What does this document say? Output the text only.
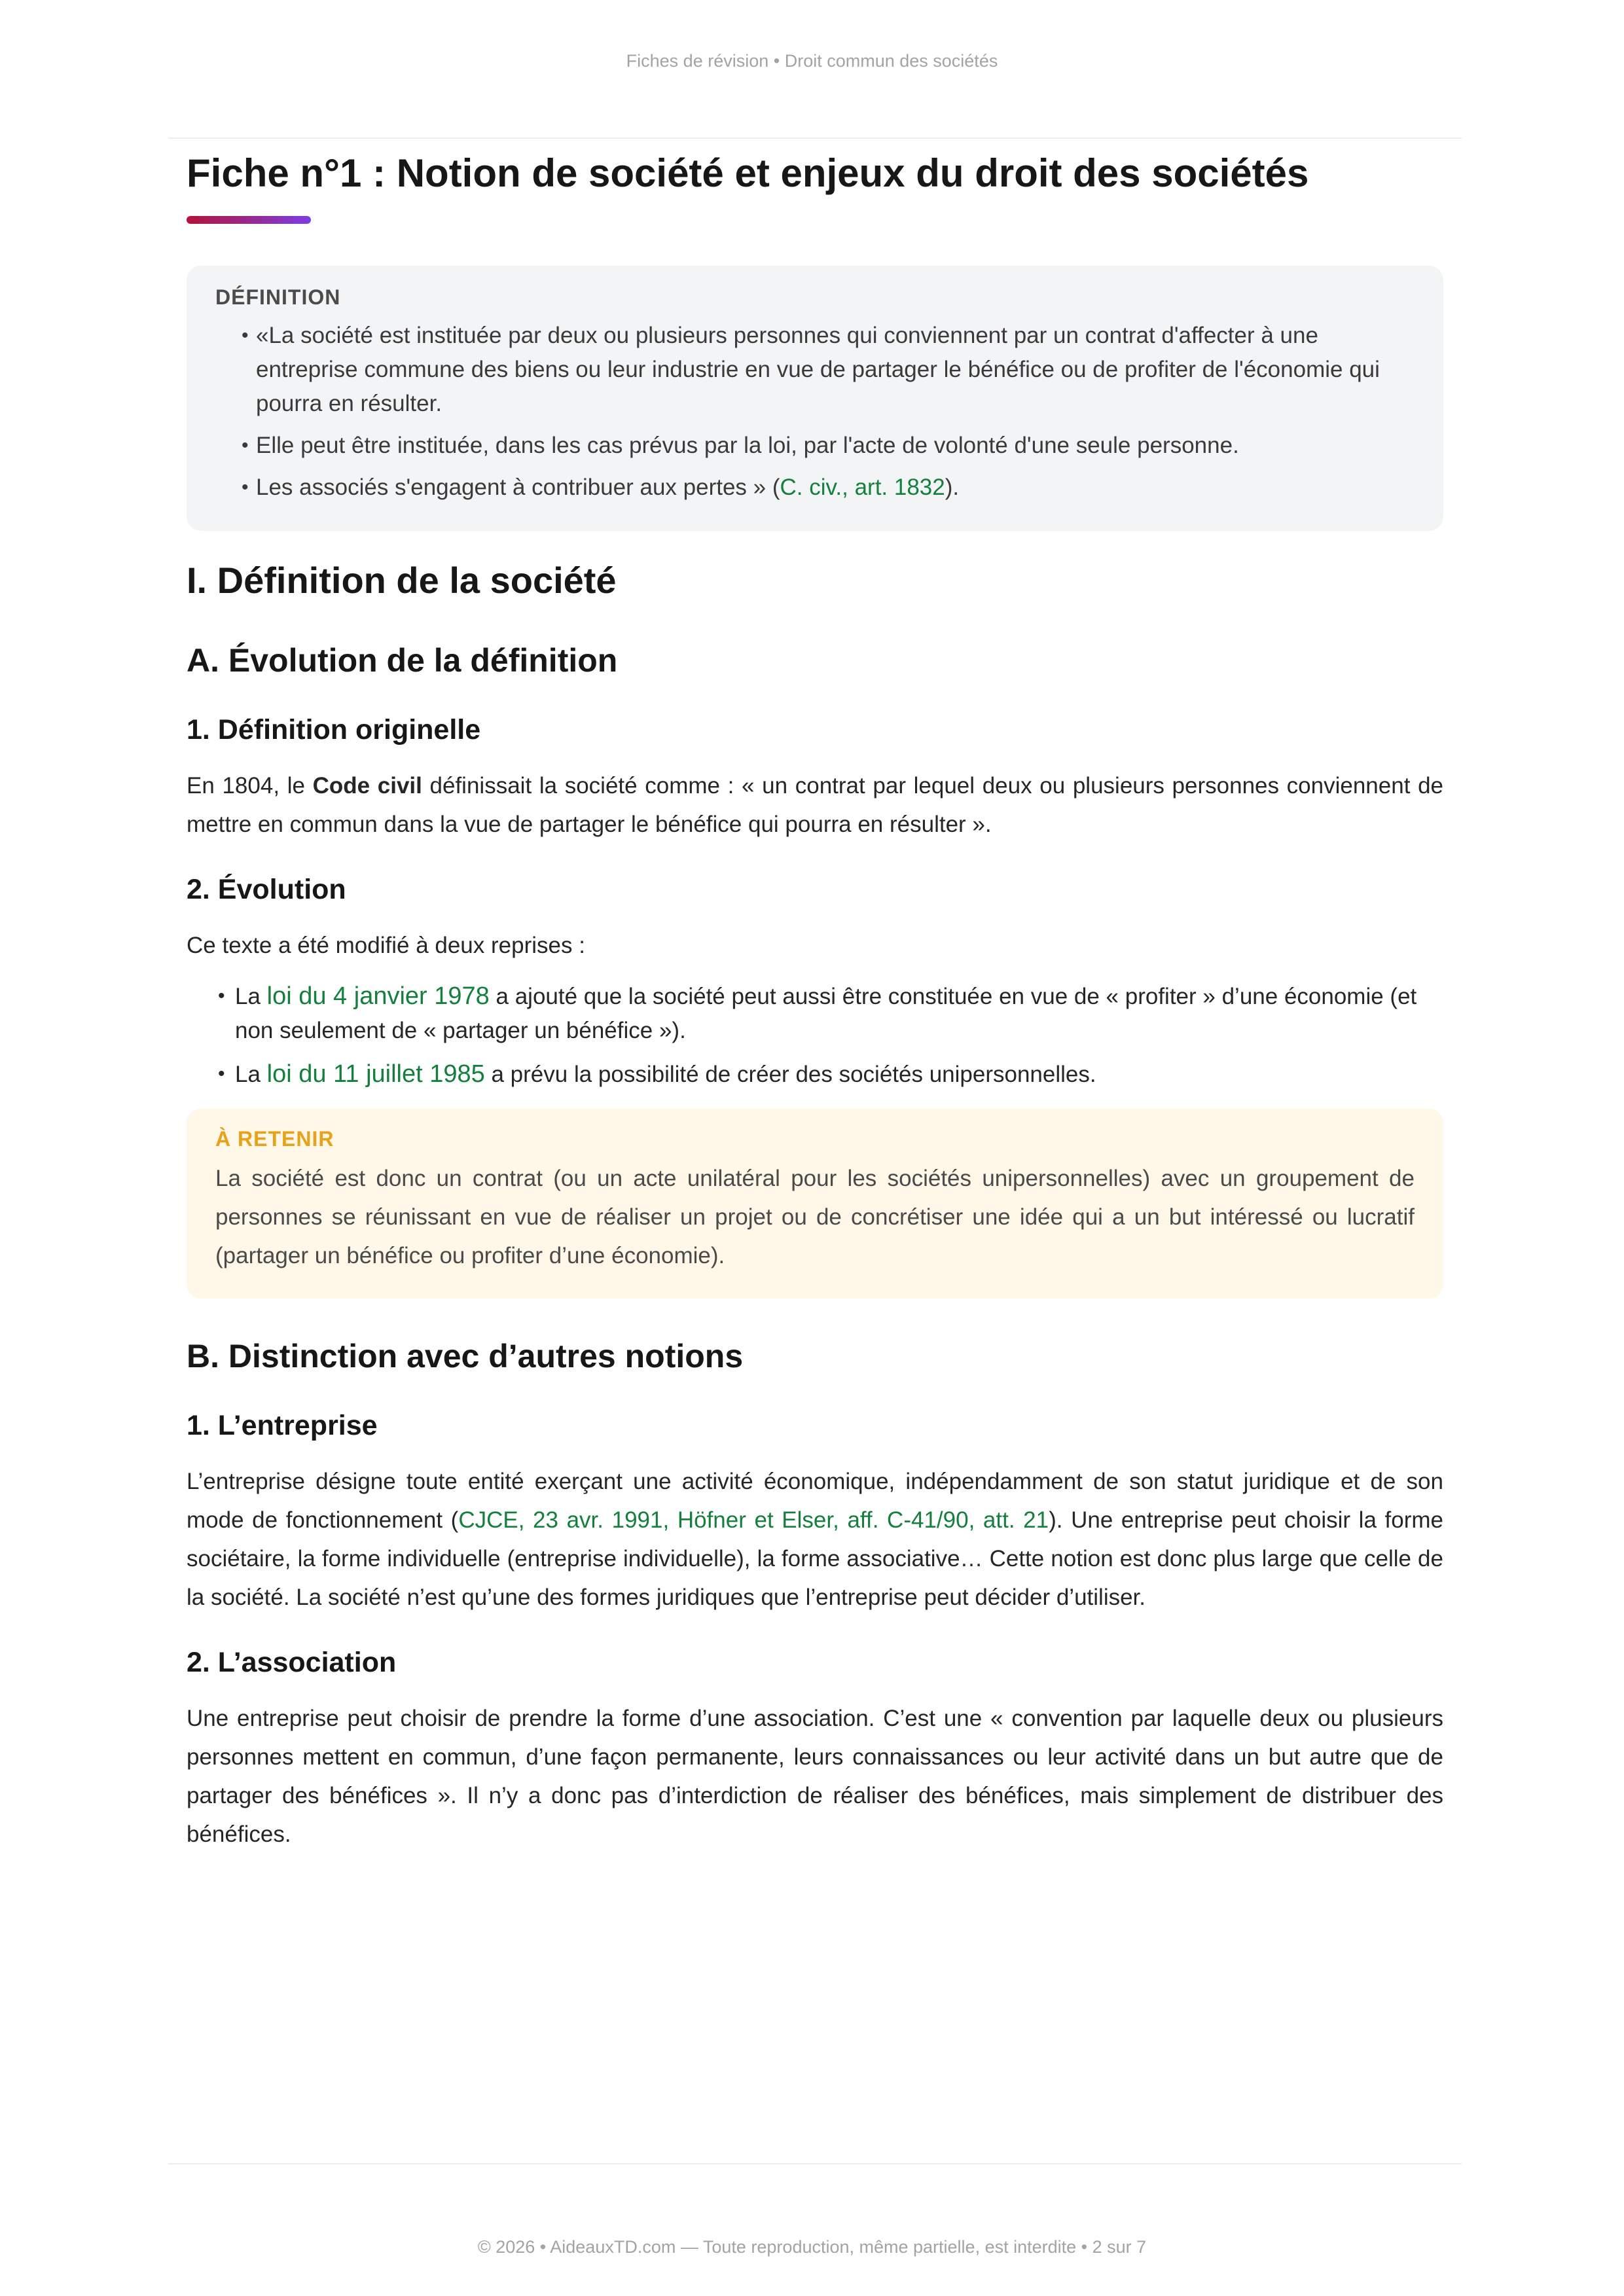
Fiches de révision • Droit commun des sociétés
Fiche n°1 : Notion de société et enjeux du droit des sociétés
DÉFINITION
• «La société est instituée par deux ou plusieurs personnes qui conviennent par un contrat d'affecter à une entreprise commune des biens ou leur industrie en vue de partager le bénéfice ou de profiter de l'économie qui pourra en résulter.
• Elle peut être instituée, dans les cas prévus par la loi, par l'acte de volonté d'une seule personne.
• Les associés s'engagent à contribuer aux pertes » (C. civ., art. 1832).
I. Définition de la société
A. Évolution de la définition
1. Définition originelle

En 1804, le Code civil définissait la société comme : « un contrat par lequel deux ou plusieurs personnes conviennent de mettre en commun dans la vue de partager le bénéfice qui pourra en résulter ».

2. Évolution

Ce texte a été modifié à deux reprises :

• La loi du 4 janvier 1978 a ajouté que la société peut aussi être constituée en vue de « profiter » d’une économie (et non seulement de « partager un bénéfice »).
• La loi du 11 juillet 1985 a prévu la possibilité de créer des sociétés unipersonnelles.
À RETENIR

La société est donc un contrat (ou un acte unilatéral pour les sociétés unipersonnelles) avec un groupement de personnes se réunissant en vue de réaliser un projet ou de concrétiser une idée qui a un but intéressé ou lucratif (partager un bénéfice ou profiter d’une économie).

B. Distinction avec d’autres notions
1. L’entreprise

L’entreprise désigne toute entité exerçant une activité économique, indépendamment de son statut juridique et de son mode de fonctionnement (CJCE, 23 avr. 1991, Höfner et Elser, aff. C-41/90, att. 21). Une entreprise peut choisir la forme sociétaire, la forme individuelle (entreprise individuelle), la forme associative… Cette notion est donc plus large que celle de la société. La société n’est qu’une des formes juridiques que l’entreprise peut décider d’utiliser.

2. L’association

Une entreprise peut choisir de prendre la forme d’une association. C’est une « convention par laquelle deux ou plusieurs personnes mettent en commun, d’une façon permanente, leurs connaissances ou leur activité dans un but autre que de partager des bénéfices ». Il n’y a donc pas d’interdiction de réaliser des bénéfices, mais simplement de distribuer des bénéfices.

© 2026 • AideauxTD.com — Toute reproduction, même partielle, est interdite • 2 sur 7
